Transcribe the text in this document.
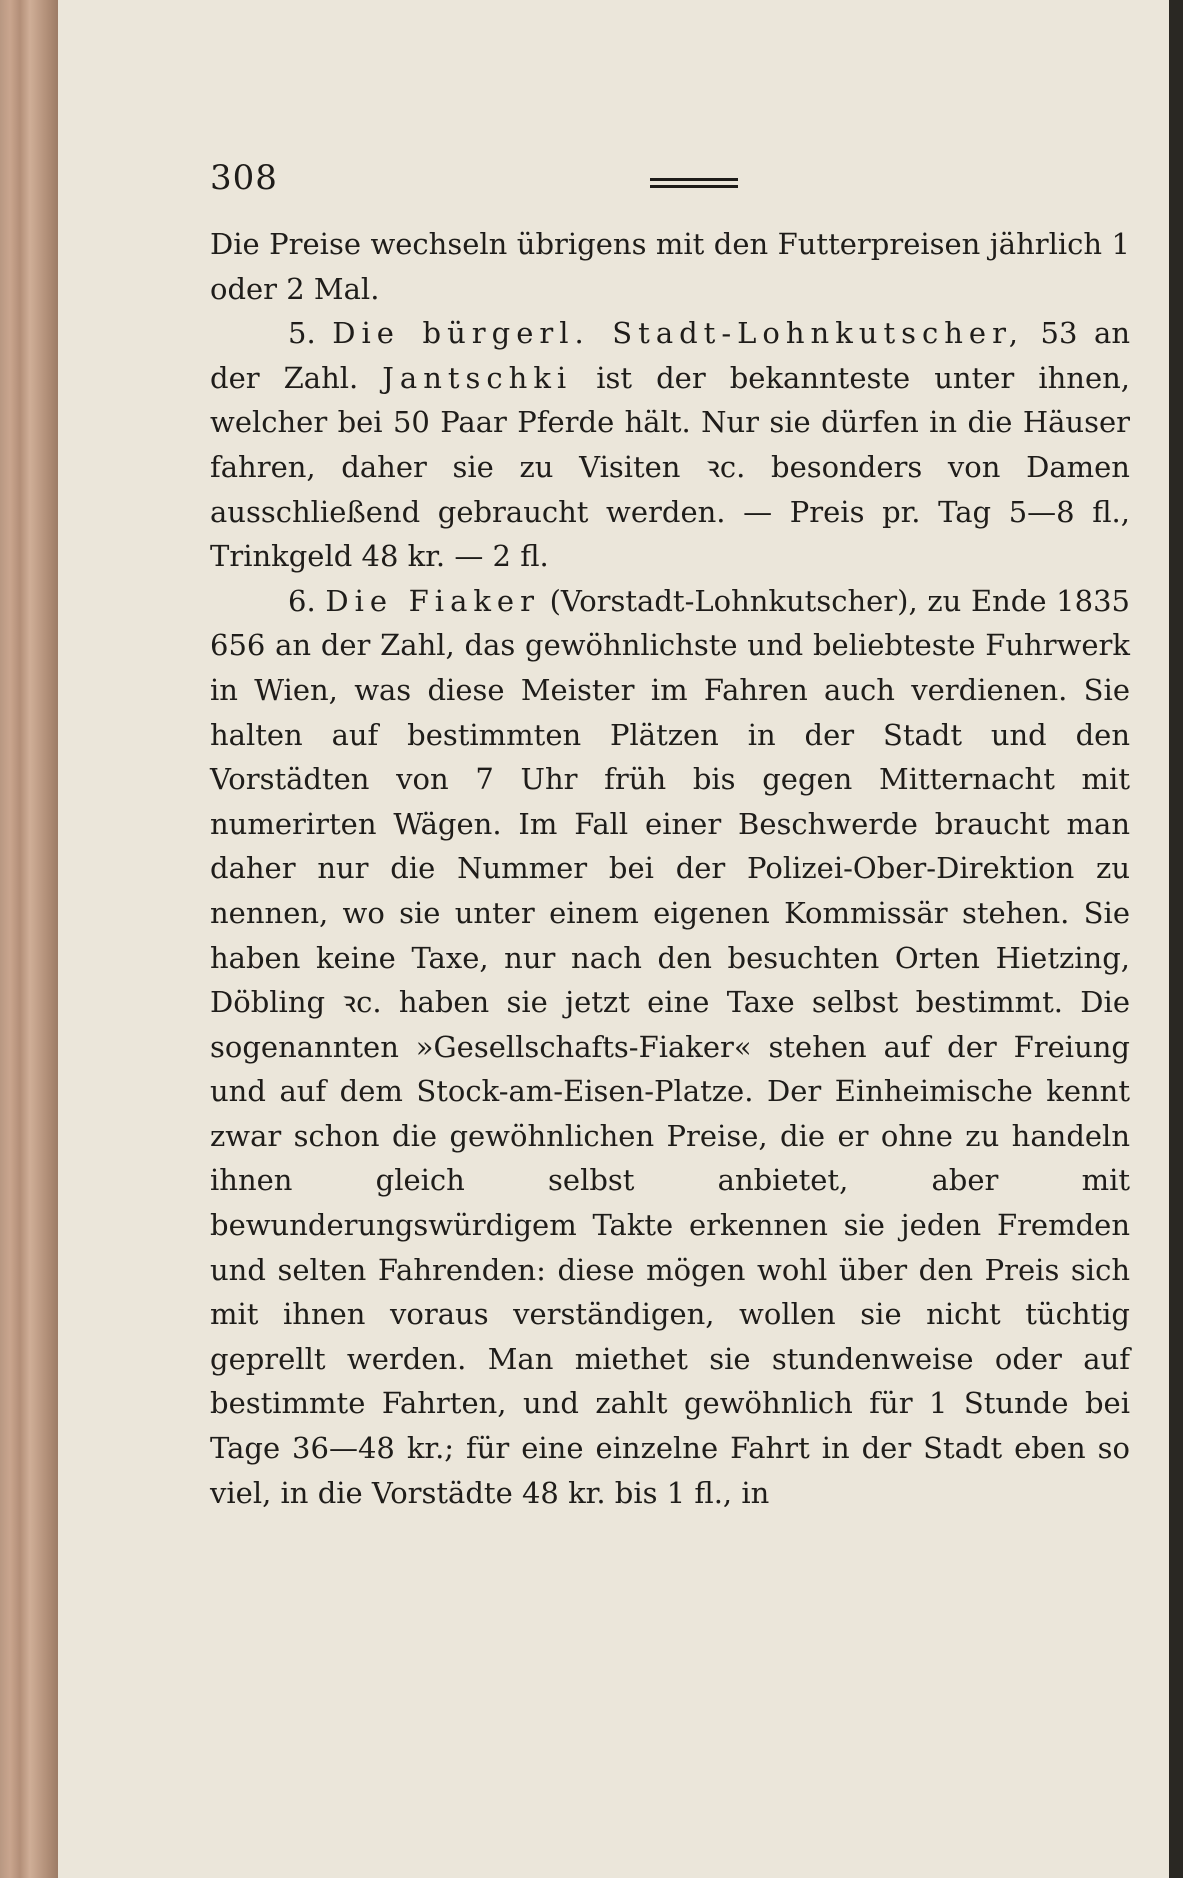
308

Die Preise wechseln übrigens mit den Futterpreisen jährlich 1 oder 2 Mal.

5. Die bürgerl. Stadt-Lohnkutscher, 53 an der Zahl. Jantschki ist der bekannteste unter ihnen, welcher bei 50 Paar Pferde hält. Nur sie dürfen in die Häuser fahren, daher sie zu Visiten ꝛc. besonders von Damen ausschließend gebraucht werden. — Preis pr. Tag 5—8 fl., Trinkgeld 48 kr. — 2 fl.

6. Die Fiaker (Vorstadt-Lohnkutscher), zu Ende 1835 656 an der Zahl, das gewöhnlichste und beliebteste Fuhrwerk in Wien, was diese Meister im Fahren auch verdienen. Sie halten auf bestimmten Plätzen in der Stadt und den Vorstädten von 7 Uhr früh bis gegen Mitternacht mit numerirten Wägen. Im Fall einer Beschwerde braucht man daher nur die Nummer bei der Polizei-Ober-Direktion zu nennen, wo sie unter einem eigenen Kommissär stehen. Sie haben keine Taxe, nur nach den besuchten Orten Hietzing, Döbling ꝛc. haben sie jetzt eine Taxe selbst bestimmt. Die sogenannten »Gesellschafts-Fiaker« stehen auf der Freiung und auf dem Stock-am-Eisen-Platze. Der Einheimische kennt zwar schon die gewöhnlichen Preise, die er ohne zu handeln ihnen gleich selbst anbietet, aber mit bewunderungswürdigem Takte erkennen sie jeden Fremden und selten Fahrenden: diese mögen wohl über den Preis sich mit ihnen voraus verständigen, wollen sie nicht tüchtig geprellt werden. Man miethet sie stundenweise oder auf bestimmte Fahrten, und zahlt gewöhnlich für 1 Stunde bei Tage 36—48 kr.; für eine einzelne Fahrt in der Stadt eben so viel, in die Vorstädte 48 kr. bis 1 fl., in
